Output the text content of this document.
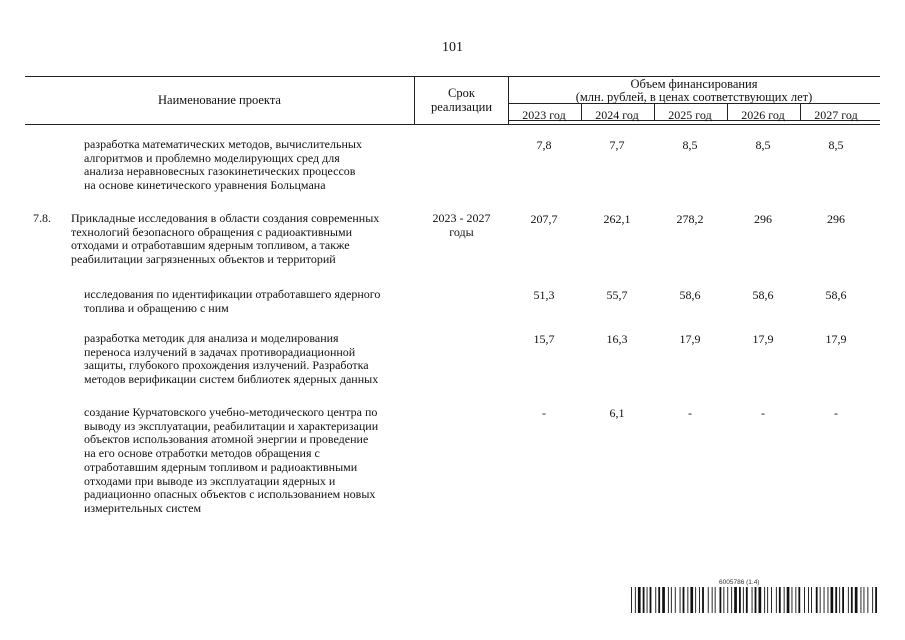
101
Наименование проекта	Срок
реализации
Объем финансирования
(млн. рублей, в ценах соответствующих лет)
2023 год	2024 год	2025 год	2026 год	2027 год
разработка математических методов, вычислительных
алгоритмов и проблемно моделирующих сред для
анализа неравновесных газокинетических процессов
на основе кинетического уравнения Больцмана
7,8	7,7	8,5	8,5	8,5
7.8. Прикладные исследования в области создания современных
технологий безопасного обращения с радиоактивными
отходами и отработавшим ядерным топливом, а также
реабилитации загрязненных объектов и территорий
2023 - 2027
годы
207,7	262,1	278,2	296	296
исследования по идентификации отработавшего ядерного
топлива и обращению с ним
51,3	55,7	58,6	58,6	58,6
разработка методик для анализа и моделирования
переноса излучений в задачах противорадиационной
защиты, глубокого прохождения излучений. Разработка
методов верификации систем библиотек ядерных данных
15,7	16,3	17,9	17,9	17,9
создание Курчатовского учебно-методического центра по
выводу из эксплуатации, реабилитации и характеризации
объектов использования атомной энергии и проведение
на его основе отработки методов обращения с
отработавшим ядерным топливом и радиоактивными
отходами при выводе из эксплуатации ядерных и
радиационно опасных объектов с использованием новых
измерительных систем
-	6,1	-	-	-
6005786 (1.4)
